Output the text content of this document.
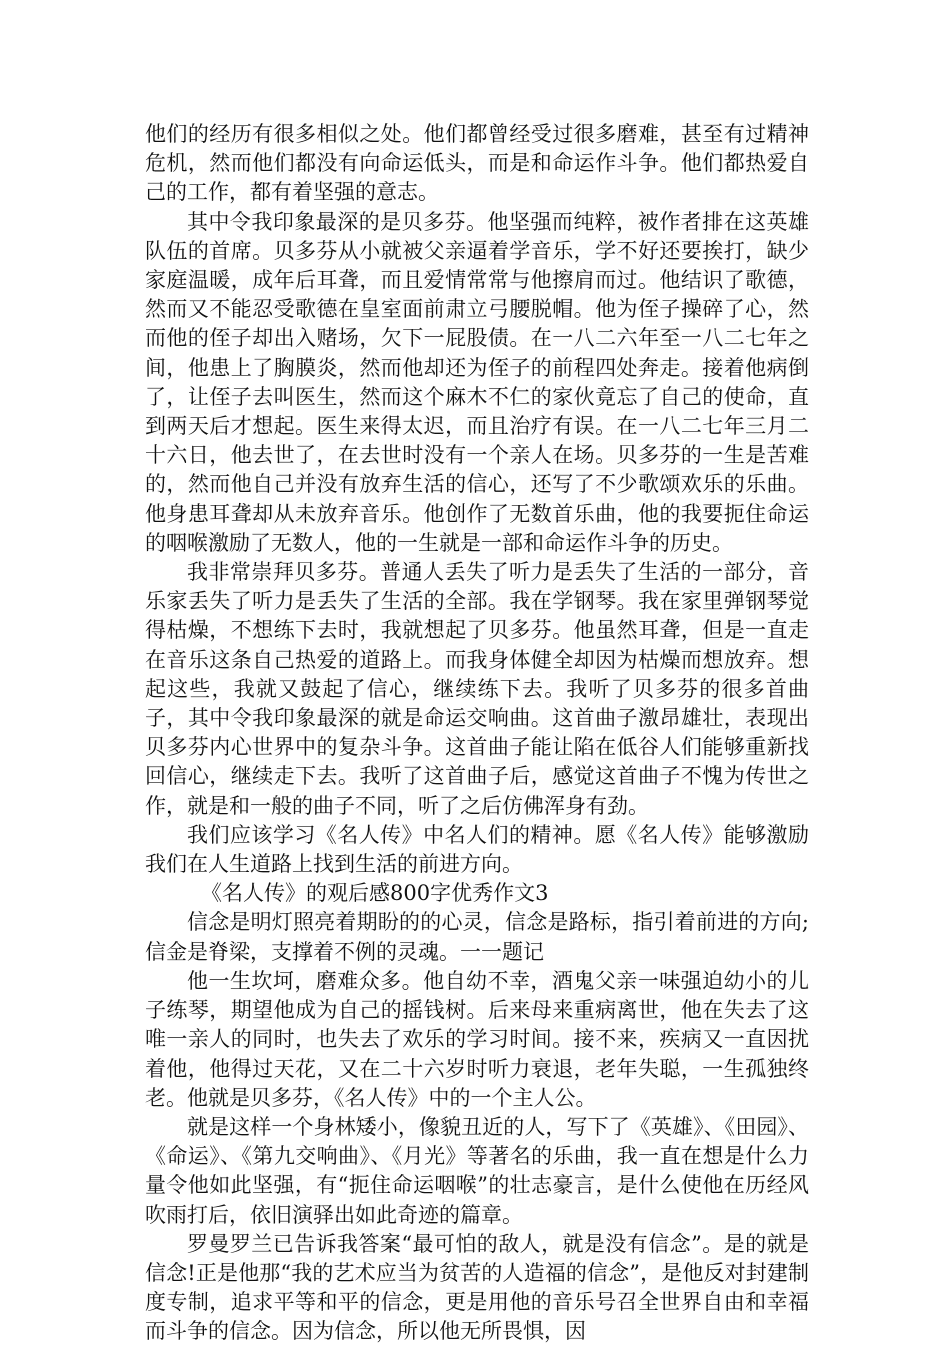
他们的经历有很多相似之处。他们都曾经受过很多磨难，甚至有过精神危机，然而他们都没有向命运低头，而是和命运作斗争。他们都热爱自己的工作，都有着坚强的意志。

其中令我印象最深的是贝多芬。他坚强而纯粹，被作者排在这英雄队伍的首席。贝多芬从小就被父亲逼着学音乐，学不好还要挨打，缺少家庭温暖，成年后耳聋，而且爱情常常与他擦肩而过。他结识了歌德，然而又不能忍受歌德在皇室面前肃立弓腰脱帽。他为侄子操碎了心，然而他的侄子却出入赌场，欠下一屁股债。在一八二六年至一八二七年之间，他患上了胸膜炎，然而他却还为侄子的前程四处奔走。接着他病倒了，让侄子去叫医生，然而这个麻木不仁的家伙竟忘了自己的使命，直到两天后才想起。医生来得太迟，而且治疗有误。在一八二七年三月二十六日，他去世了，在去世时没有一个亲人在场。贝多芬的一生是苦难的，然而他自己并没有放弃生活的信心，还写了不少歌颂欢乐的乐曲。他身患耳聋却从未放弃音乐。他创作了无数首乐曲，他的我要扼住命运的咽喉激励了无数人，他的一生就是一部和命运作斗争的历史。

我非常崇拜贝多芬。普通人丢失了听力是丢失了生活的一部分，音乐家丢失了听力是丢失了生活的全部。我在学钢琴。我在家里弹钢琴觉得枯燥，不想练下去时，我就想起了贝多芬。他虽然耳聋，但是一直走在音乐这条自己热爱的道路上。而我身体健全却因为枯燥而想放弃。想起这些，我就又鼓起了信心，继续练下去。我听了贝多芬的很多首曲子，其中令我印象最深的就是命运交响曲。这首曲子激昂雄壮，表现出贝多芬内心世界中的复杂斗争。这首曲子能让陷在低谷人们能够重新找回信心，继续走下去。我听了这首曲子后，感觉这首曲子不愧为传世之作，就是和一般的曲子不同，听了之后仿佛浑身有劲。

我们应该学习《名人传》中名人们的精神。愿《名人传》能够激励我们在人生道路上找到生活的前进方向。

《名人传》的观后感800字优秀作文3

信念是明灯照亮着期盼的的心灵，信念是路标，指引着前进的方向;信金是脊梁，支撑着不例的灵魂。一一题记

他一生坎坷，磨难众多。他自幼不幸，酒鬼父亲一味强迫幼小的儿子练琴，期望他成为自己的摇钱树。后来母来重病离世，他在失去了这唯一亲人的同时，也失去了欢乐的学习时间。接不来，疾病又一直因扰着他，他得过天花，又在二十六岁时听力衰退，老年失聪，一生孤独终老。他就是贝多芬，《名人传》中的一个主人公。

就是这样一个身林矮小，像貌丑近的人，写下了《英雄》、《田园》、《命运》、《第九交响曲》、《月光》等著名的乐曲，我一直在想是什么力量令他如此坚强，有“扼住命运咽喉”的壮志豪言，是什么使他在历经风吹雨打后，依旧演驿出如此奇迹的篇章。

罗曼罗兰已告诉我答案“最可怕的敌人，就是没有信念”。是的就是信念!正是他那“我的艺术应当为贫苦的人造福的信念”，是他反对封建制度专制，追求平等和平的信念，更是用他的音乐号召全世界自由和幸福而斗争的信念。因为信念，所以他无所畏惧，因
